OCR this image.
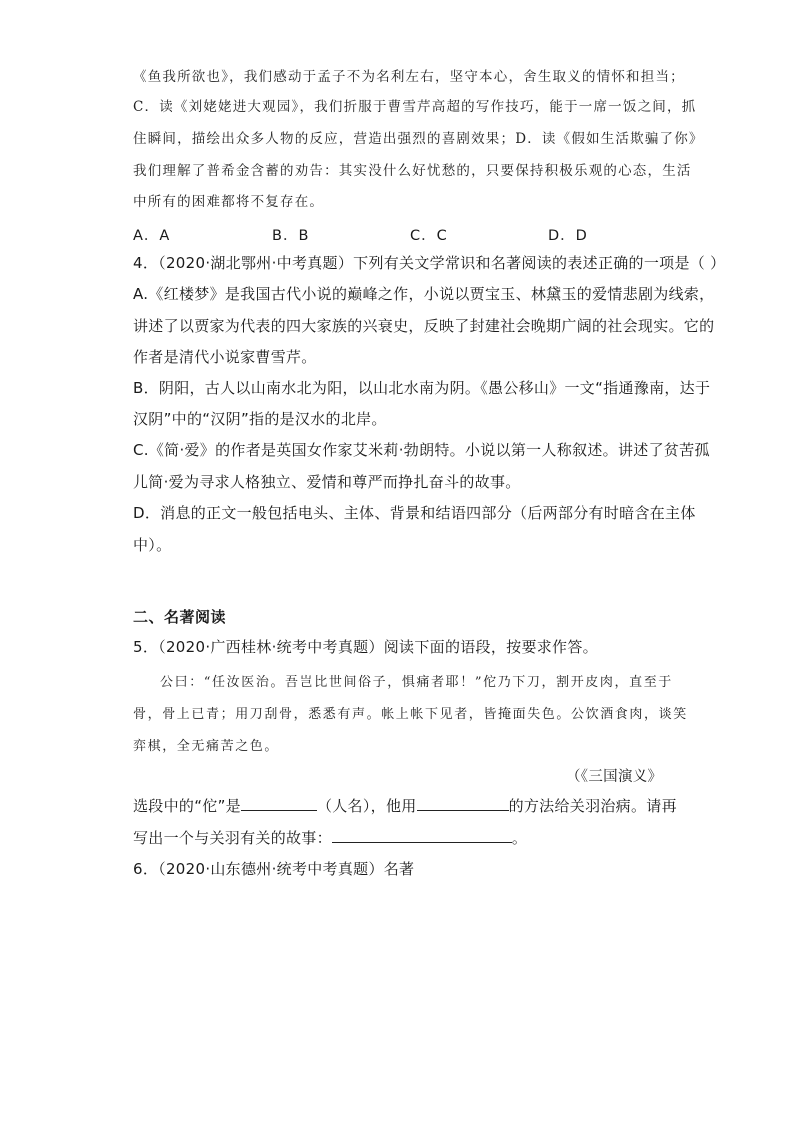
《鱼我所欲也》，我们感动于孟子不为名利左右，坚守本心，舍生取义的情怀和担当；
C．读《刘姥姥进大观园》，我们折服于曹雪芹高超的写作技巧，能于一席一饭之间，抓
住瞬间，描绘出众多人物的反应，营造出强烈的喜剧效果；D．读《假如生活欺骗了你》
我们理解了普希金含蓄的劝告：其实没什么好忧愁的，只要保持积极乐观的心态，生活
中所有的困难都将不复存在。
A．A	B．B	C．C	D．D
4．（2020·湖北鄂州·中考真题）下列有关文学常识和名著阅读的表述正确的一项是（ ）
A.《红楼梦》是我国古代小说的巅峰之作，小说以贾宝玉、林黛玉的爱情悲剧为线索，
讲述了以贾家为代表的四大家族的兴衰史，反映了封建社会晚期广阔的社会现实。它的
作者是清代小说家曹雪芹。
B．阴阳，古人以山南水北为阳，以山北水南为阴。《愚公移山》一文“指通豫南，达于
汉阴”中的“汉阴”指的是汉水的北岸。
C.《简·爱》的作者是英国女作家艾米莉·勃朗特。小说以第一人称叙述。讲述了贫苦孤
儿简·爱为寻求人格独立、爱情和尊严而挣扎奋斗的故事。
D．消息的正文一般包括电头、主体、背景和结语四部分（后两部分有时暗含在主体
中）。
二、名著阅读
5．（2020·广西桂林·统考中考真题）阅读下面的语段，按要求作答。
公曰：“任汝医治。吾岂比世间俗子，惧痛者耶！”佗乃下刀，割开皮肉，直至于
骨，骨上已青；用刀刮骨，悉悉有声。帐上帐下见者，皆掩面失色。公饮酒食肉，谈笑
弈棋，全无痛苦之色。
（《三国演义》
选段中的“佗”是	（人名），他用	的方法给关羽治病。请再
写出一个与关羽有关的故事：	。
6．（2020·山东德州·统考中考真题）名著
